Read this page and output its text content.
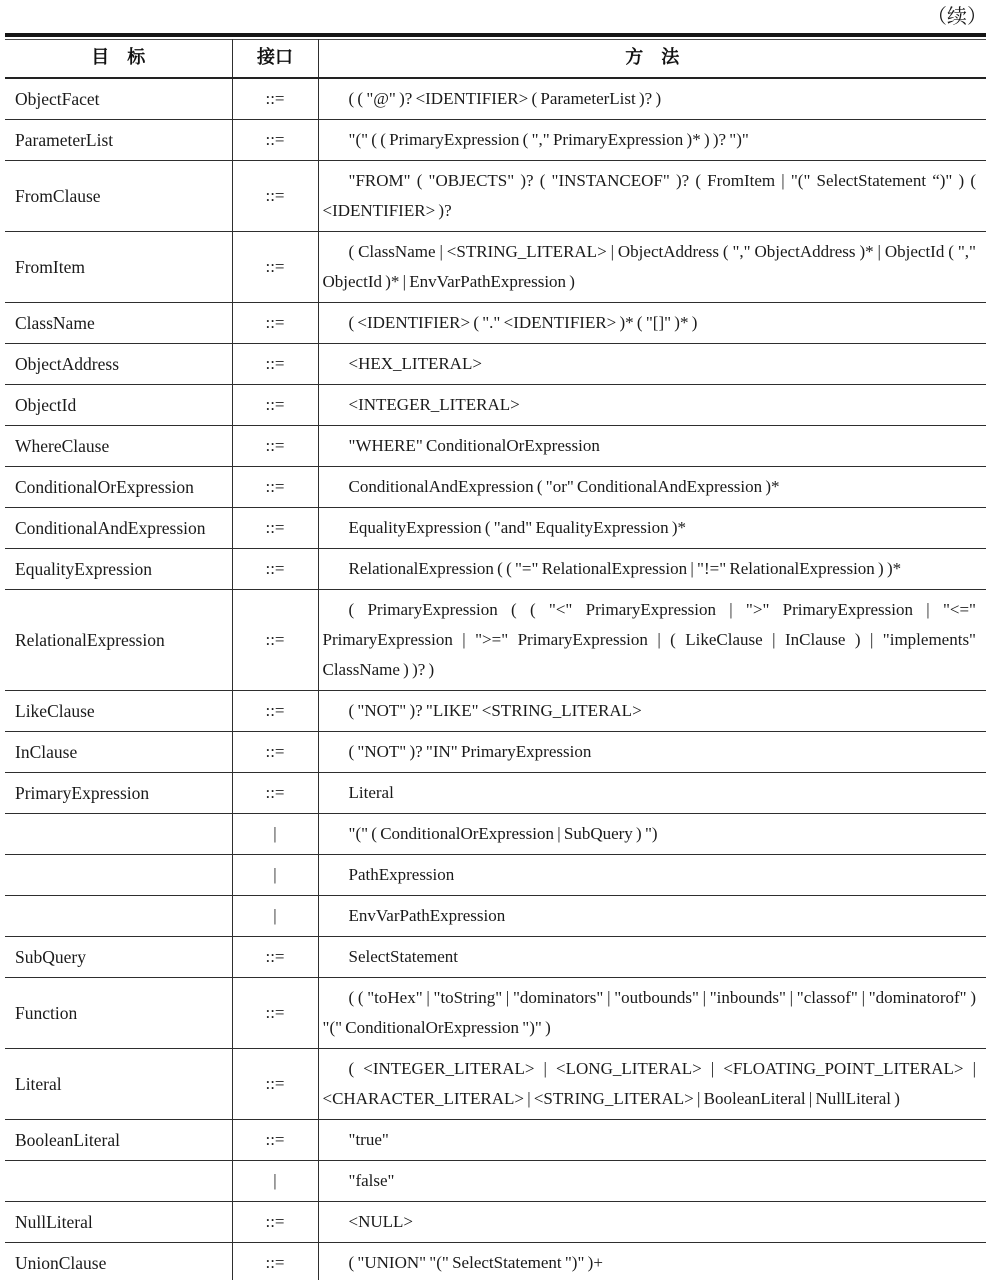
（续）
目　标	接口	方　法
ObjectFacet	::=	( ( "@" )? <IDENTIFIER> ( ParameterList )? )
ParameterList	::=	"(" ( ( PrimaryExpression ( "," PrimaryExpression )* ) )? ")"
FromClause	::=	"FROM" ( "OBJECTS" )? ( "INSTANCEOF" )? ( FromItem | "(" SelectStatement “)" ) ( <IDENTIFIER> )?
FromItem	::=	( ClassName | <STRING_LITERAL> | ObjectAddress ( "," ObjectAddress )* | ObjectId ( "," ObjectId )* | EnvVarPathExpression )
ClassName	::=	( <IDENTIFIER> ( "." <IDENTIFIER> )* ( "[]" )* )
ObjectAddress	::=	<HEX_LITERAL>
ObjectId	::=	<INTEGER_LITERAL>
WhereClause	::=	"WHERE" ConditionalOrExpression
ConditionalOrExpression	::=	ConditionalAndExpression ( "or" ConditionalAndExpression )*
ConditionalAndExpression	::=	EqualityExpression ( "and" EqualityExpression )*
EqualityExpression	::=	RelationalExpression ( ( "=" RelationalExpression | "!=" RelationalExpression ) )*
RelationalExpression	::=	( PrimaryExpression ( ( "<" PrimaryExpression | ">" PrimaryExpression | "<=" PrimaryExpression | ">=" PrimaryExpression | ( LikeClause | InClause ) | "implements" ClassName ) )? )
LikeClause	::=	( "NOT" )? "LIKE" <STRING_LITERAL>
InClause	::=	( "NOT" )? "IN" PrimaryExpression
PrimaryExpression	::=	Literal
	|	"(" ( ConditionalOrExpression | SubQuery ) ")
	|	PathExpression
	|	EnvVarPathExpression
SubQuery	::=	SelectStatement
Function	::=	( ( "toHex" | "toString" | "dominators" | "outbounds" | "inbounds" | "classof" | "dominatorof" ) "(" ConditionalOrExpression ")" )
Literal	::=	( <INTEGER_LITERAL> | <LONG_LITERAL> | <FLOATING_POINT_LITERAL> | <CHARACTER_LITERAL> | <STRING_LITERAL> | BooleanLiteral | NullLiteral )
BooleanLiteral	::=	"true"
	|	"false"
NullLiteral	::=	<NULL>
UnionClause	::=	( "UNION" "(" SelectStatement ")" )+
